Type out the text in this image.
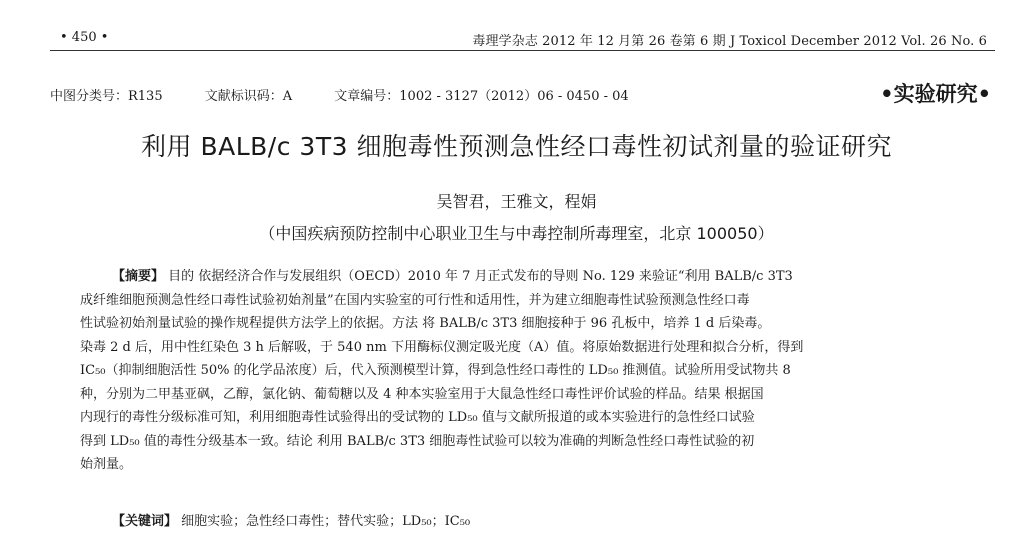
• 450 •	毒理学杂志 2012 年 12 月第 26 卷第 6 期 J Toxicol December 2012 Vol. 26 No. 6
中图分类号：R135	文献标识码：A	文章编号：1002 - 3127（2012）06 - 0450 - 04	•实验研究•
利用 BALB/c 3T3 细胞毒性预测急性经口毒性初试剂量的验证研究
吴智君，王雅文，程娟
（中国疾病预防控制中心职业卫生与中毒控制所毒理室，北京 100050）
【摘要】 目的 依据经济合作与发展组织（OECD）2010 年 7 月正式发布的导则 No. 129 来验证“利用 BALB/c 3T3
成纤维细胞预测急性经口毒性试验初始剂量”在国内实验室的可行性和适用性，并为建立细胞毒性试验预测急性经口毒
性试验初始剂量试验的操作规程提供方法学上的依据。方法 将 BALB/c 3T3 细胞接种于 96 孔板中，培养 1 d 后染毒。
染毒 2 d 后，用中性红染色 3 h 后解吸，于 540 nm 下用酶标仪测定吸光度（A）值。将原始数据进行处理和拟合分析，得到
IC₅₀（抑制细胞活性 50% 的化学品浓度）后，代入预测模型计算，得到急性经口毒性的 LD₅₀ 推测值。试验所用受试物共 8
种，分别为二甲基亚砜，乙醇，氯化钠、葡萄糖以及 4 种本实验室用于大鼠急性经口毒性评价试验的样品。结果 根据国
内现行的毒性分级标准可知，利用细胞毒性试验得出的受试物的 LD₅₀ 值与文献所报道的或本实验进行的急性经口试验
得到 LD₅₀ 值的毒性分级基本一致。结论 利用 BALB/c 3T3 细胞毒性试验可以较为准确的判断急性经口毒性试验的初
始剂量。
【关键词】 细胞实验；急性经口毒性；替代实验；LD₅₀；IC₅₀
